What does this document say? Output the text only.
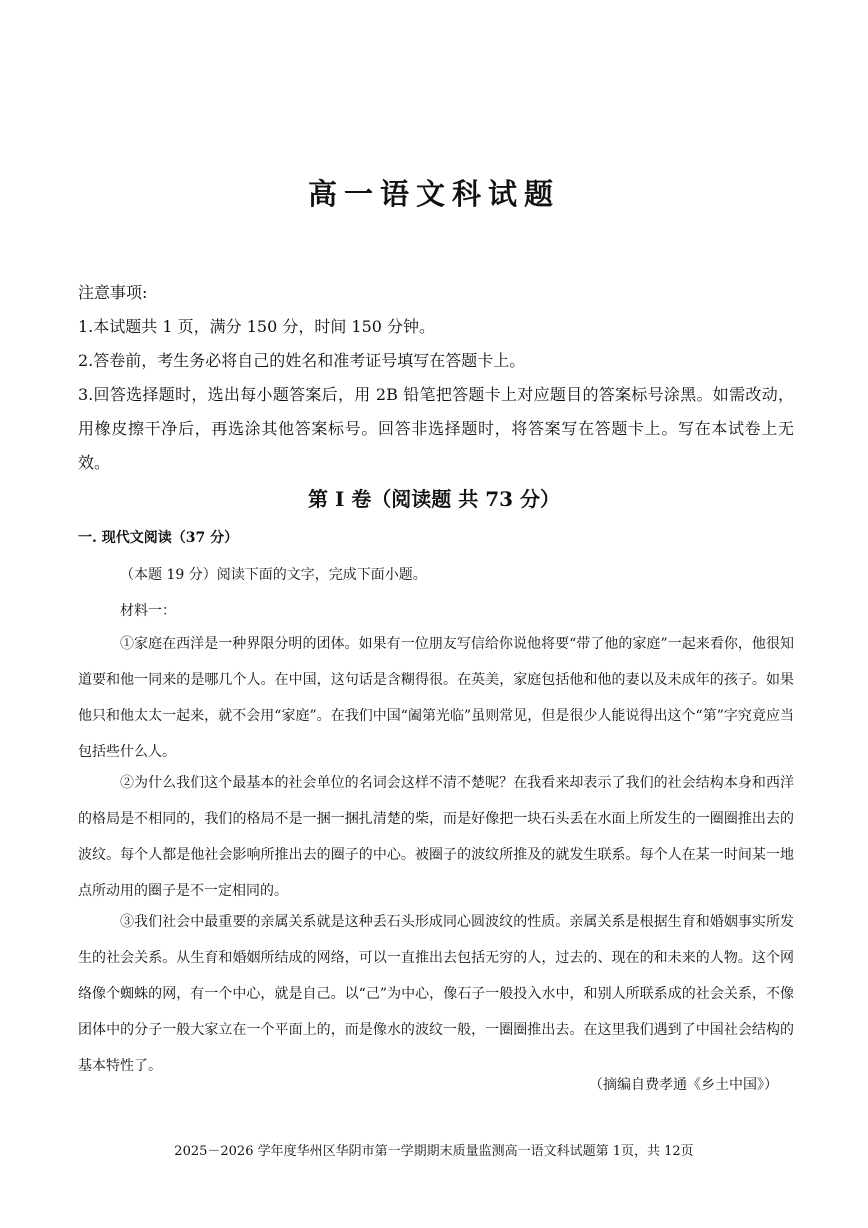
高一语文科试题
注意事项:
1.本试题共 1 页，满分 150 分，时间 150 分钟。
2.答卷前，考生务必将自己的姓名和准考证号填写在答题卡上。
3.回答选择题时，选出每小题答案后，用 2B 铅笔把答题卡上对应题目的答案标号涂黑。如需改动，用橡皮擦干净后，再选涂其他答案标号。回答非选择题时，将答案写在答题卡上。写在本试卷上无效。
第 I 卷（阅读题 共 73 分）
一. 现代文阅读（37 分）
（本题 19 分）阅读下面的文字，完成下面小题。
材料一：
①家庭在西洋是一种界限分明的团体。如果有一位朋友写信给你说他将要“带了他的家庭”一起来看你，他很知道要和他一同来的是哪几个人。在中国，这句话是含糊得很。在英美，家庭包括他和他的妻以及未成年的孩子。如果他只和他太太一起来，就不会用“家庭”。在我们中国“阖第光临”虽则常见，但是很少人能说得出这个“第”字究竟应当包括些什么人。
②为什么我们这个最基本的社会单位的名词会这样不清不楚呢？在我看来却表示了我们的社会结构本身和西洋的格局是不相同的，我们的格局不是一捆一捆扎清楚的柴，而是好像把一块石头丢在水面上所发生的一圈圈推出去的波纹。每个人都是他社会影响所推出去的圈子的中心。被圈子的波纹所推及的就发生联系。每个人在某一时间某一地点所动用的圈子是不一定相同的。
③我们社会中最重要的亲属关系就是这种丢石头形成同心圆波纹的性质。亲属关系是根据生育和婚姻事实所发生的社会关系。从生育和婚姻所结成的网络，可以一直推出去包括无穷的人，过去的、现在的和未来的人物。这个网络像个蜘蛛的网，有一个中心，就是自己。以“己”为中心，像石子一般投入水中，和别人所联系成的社会关系，不像团体中的分子一般大家立在一个平面上的，而是像水的波纹一般，一圈圈推出去。在这里我们遇到了中国社会结构的基本特性了。
（摘编自费孝通《乡土中国》）
2025－2026 学年度华州区华阴市第一学期期末质量监测高一语文科试题第 1页，共 12页
